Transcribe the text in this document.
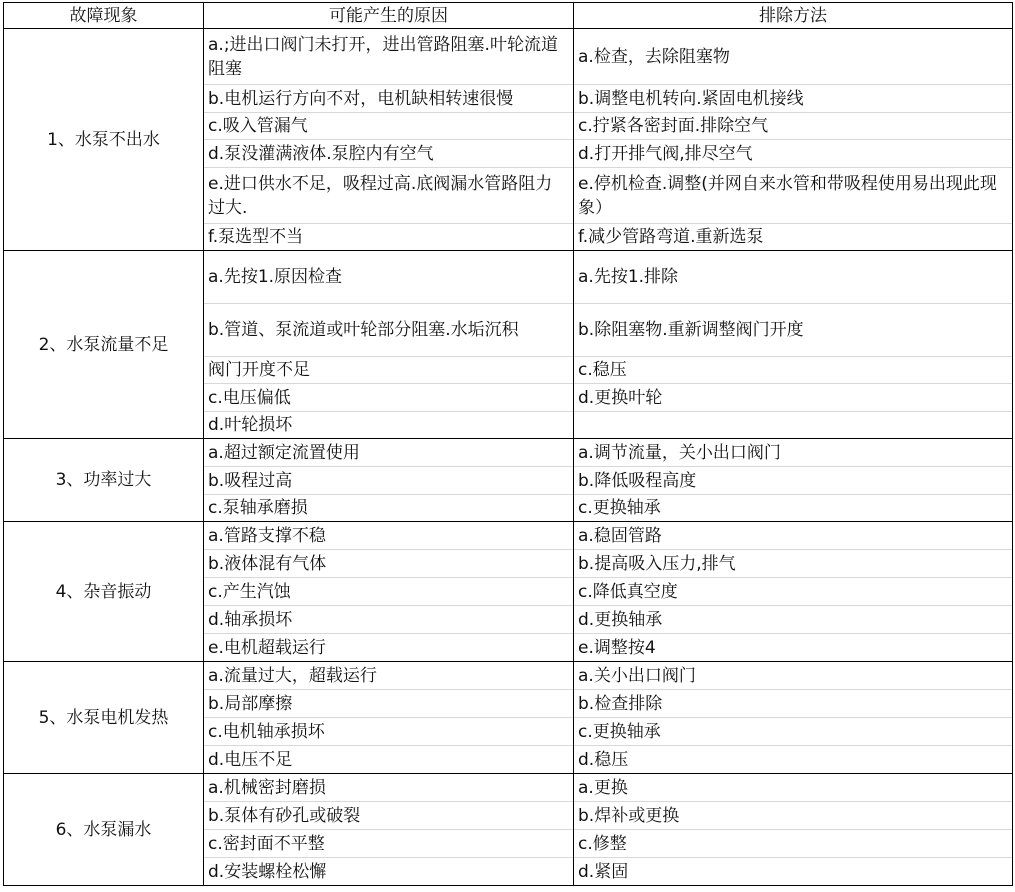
故障现象	可能产生的原因	排除方法
1、水泵不出水	a.;进出口阀门未打开，进出管路阻塞.叶轮流道阻塞	a.检查，去除阻塞物
	b.电机运行方向不对，电机缺相转速很慢	b.调整电机转向.紧固电机接线
	c.吸入管漏气	c.拧紧各密封面.排除空气
	d.泵没灌满液体.泵腔内有空气	d.打开排气阀,排尽空气
	e.进口供水不足，吸程过高.底阀漏水管路阻力过大.	e.停机检查.调整(并网自来水管和带吸程使用易出现此现象）
	f.泵选型不当	f.减少管路弯道.重新选泵
2、水泵流量不足	a.先按1.原因检查	a.先按1.排除
	b.管道、泵流道或叶轮部分阻塞.水垢沉积	b.除阻塞物.重新调整阀门开度
	阀门开度不足	c.稳压
	c.电压偏低	d.更换叶轮
	d.叶轮损坏	
3、功率过大	a.超过额定流置使用	a.调节流量，关小出口阀门
	b.吸程过高	b.降低吸程高度
	c.泵轴承磨损	c.更换轴承
4、杂音振动	a.管路支撑不稳	a.稳固管路
	b.液体混有气体	b.提高吸入压力,排气
	c.产生汽蚀	c.降低真空度
	d.轴承损坏	d.更换轴承
	e.电机超载运行	e.调整按4
5、水泵电机发热	a.流量过大，超载运行	a.关小出口阀门
	b.局部摩擦	b.检查排除
	c.电机轴承损坏	c.更换轴承
	d.电压不足	d.稳压
6、水泵漏水	a.机械密封磨损	a.更换
	b.泵体有砂孔或破裂	b.焊补或更换
	c.密封面不平整	c.修整
	d.安装螺栓松懈	d.紧固
